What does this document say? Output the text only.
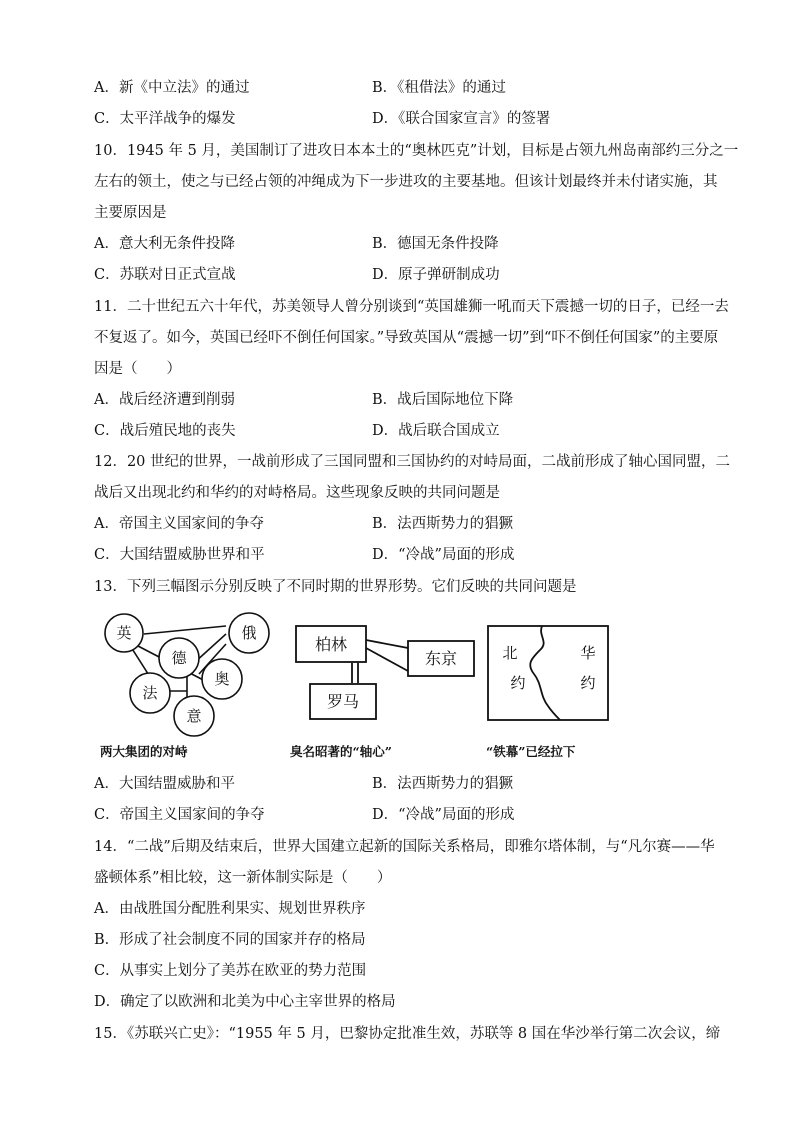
A．新《中立法》的通过	B．《租借法》的通过
C．太平洋战争的爆发	D．《联合国家宣言》的签署
10．1945 年 5 月，美国制订了进攻日本本土的“奥林匹克”计划，目标是占领九州岛南部约三分之一
左右的领土，使之与已经占领的冲绳成为下一步进攻的主要基地。但该计划最终并未付诸实施，其
主要原因是
A．意大利无条件投降	B．德国无条件投降
C．苏联对日正式宣战	D．原子弹研制成功
11．二十世纪五六十年代，苏美领导人曾分别谈到“英国雄狮一吼而天下震撼一切的日子，已经一去
不复返了。如今，英国已经吓不倒任何国家。”导致英国从“震撼一切”到“吓不倒任何国家”的主要原
因是（　　）
A．战后经济遭到削弱	B．战后国际地位下降
C．战后殖民地的丧失	D．战后联合国成立
12．20 世纪的世界，一战前形成了三国同盟和三国协约的对峙局面，二战前形成了轴心国同盟，二
战后又出现北约和华约的对峙格局。这些现象反映的共同问题是
A．帝国主义国家间的争夺	B．法西斯势力的猖獗
C．大国结盟威胁世界和平	D．“冷战”局面的形成
13．下列三幅图示分别反映了不同时期的世界形势。它们反映的共同问题是
英
德
俄
法
奥
意
柏林
东京
罗马
北
约
华
约
两大集团的对峙	臭名昭著的“轴心”	“铁幕”已经拉下
A．大国结盟威胁和平	B．法西斯势力的猖獗
C．帝国主义国家间的争夺	D．“冷战”局面的形成
14．“二战”后期及结束后，世界大国建立起新的国际关系格局，即雅尔塔体制，与“凡尔赛——华
盛顿体系”相比较，这一新体制实际是（　　）
A．由战胜国分配胜利果实、规划世界秩序
B．形成了社会制度不同的国家并存的格局
C．从事实上划分了美苏在欧亚的势力范围
D．确定了以欧洲和北美为中心主宰世界的格局
15．《苏联兴亡史》：“1955 年 5 月，巴黎协定批准生效，苏联等 8 国在华沙举行第二次会议，缔
